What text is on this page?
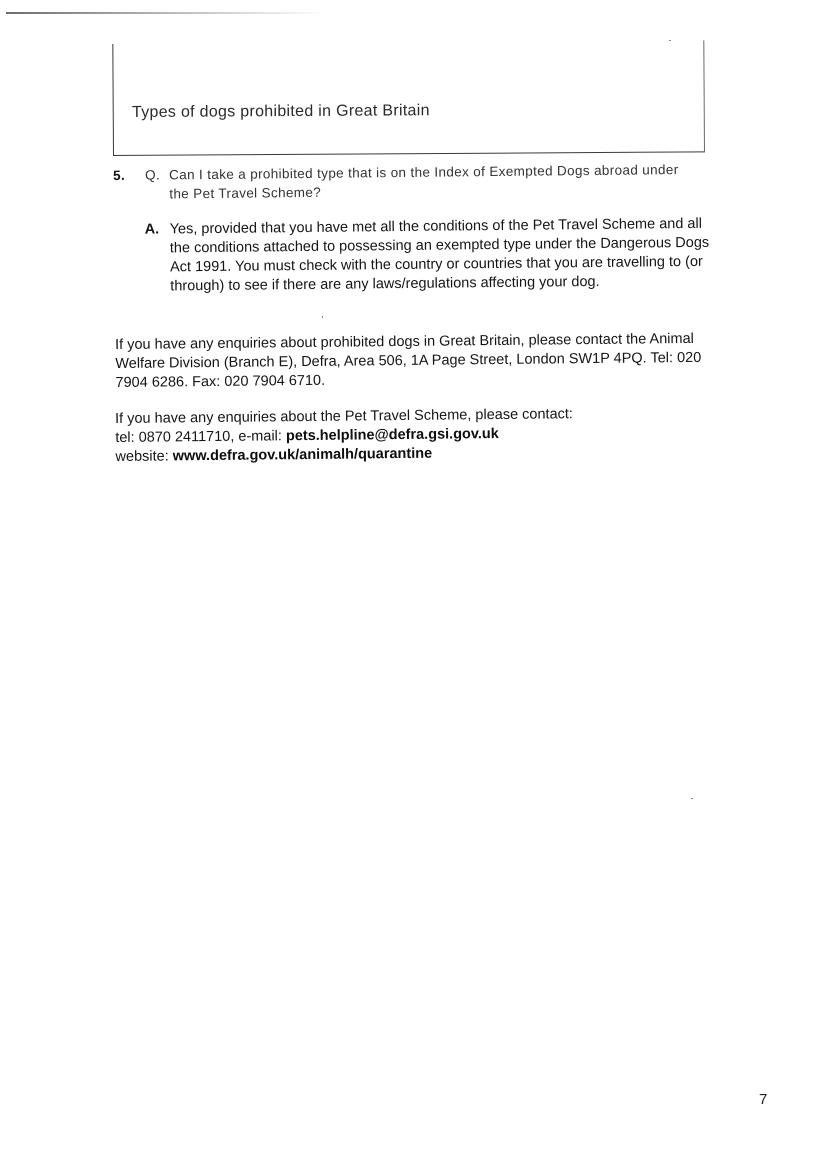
Types of dogs prohibited in Great Britain
5. Q. Can I take a prohibited type that is on the Index of Exempted Dogs abroad under the Pet Travel Scheme?
A. Yes, provided that you have met all the conditions of the Pet Travel Scheme and all the conditions attached to possessing an exempted type under the Dangerous Dogs Act 1991. You must check with the country or countries that you are travelling to (or through) to see if there are any laws/regulations affecting your dog.
If you have any enquiries about prohibited dogs in Great Britain, please contact the Animal Welfare Division (Branch E), Defra, Area 506, 1A Page Street, London SW1P 4PQ. Tel: 020 7904 6286. Fax: 020 7904 6710.
If you have any enquiries about the Pet Travel Scheme, please contact:
tel: 0870 2411710, e-mail: pets.helpline@defra.gsi.gov.uk
website: www.defra.gov.uk/animalh/quarantine
7
